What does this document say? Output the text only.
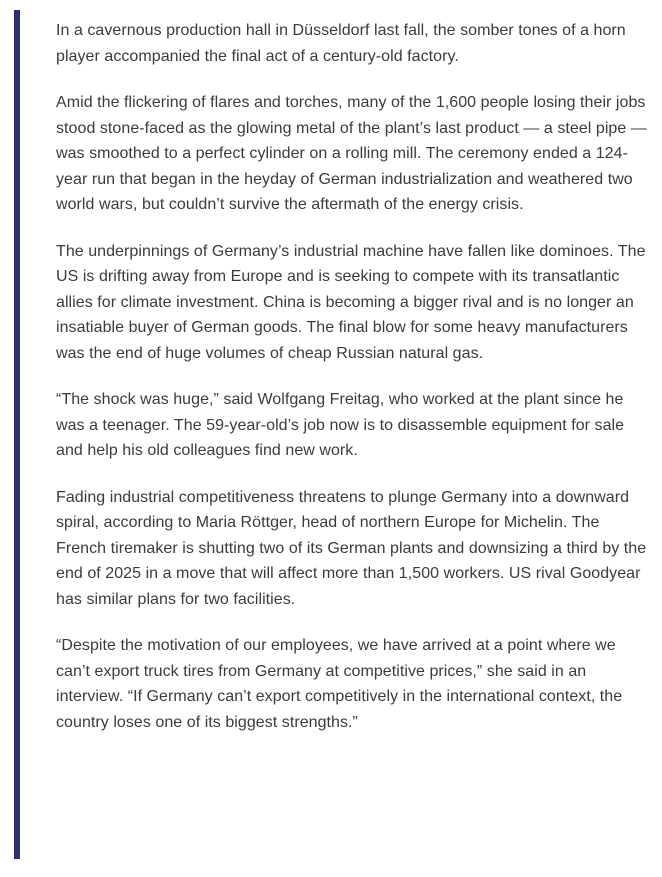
In a cavernous production hall in Düsseldorf last fall, the somber tones of a horn player accompanied the final act of a century-old factory.

Amid the flickering of flares and torches, many of the 1,600 people losing their jobs stood stone-faced as the glowing metal of the plant’s last product — a steel pipe — was smoothed to a perfect cylinder on a rolling mill. The ceremony ended a 124-year run that began in the heyday of German industrialization and weathered two world wars, but couldn’t survive the aftermath of the energy crisis.

The underpinnings of Germany’s industrial machine have fallen like dominoes. The US is drifting away from Europe and is seeking to compete with its transatlantic allies for climate investment. China is becoming a bigger rival and is no longer an insatiable buyer of German goods. The final blow for some heavy manufacturers was the end of huge volumes of cheap Russian natural gas.

“The shock was huge,” said Wolfgang Freitag, who worked at the plant since he was a teenager. The 59-year-old’s job now is to disassemble equipment for sale and help his old colleagues find new work.

Fading industrial competitiveness threatens to plunge Germany into a downward spiral, according to Maria Röttger, head of northern Europe for Michelin. The French tiremaker is shutting two of its German plants and downsizing a third by the end of 2025 in a move that will affect more than 1,500 workers. US rival Goodyear has similar plans for two facilities.

“Despite the motivation of our employees, we have arrived at a point where we can’t export truck tires from Germany at competitive prices,” she said in an interview. “If Germany can’t export competitively in the international context, the country loses one of its biggest strengths.”
